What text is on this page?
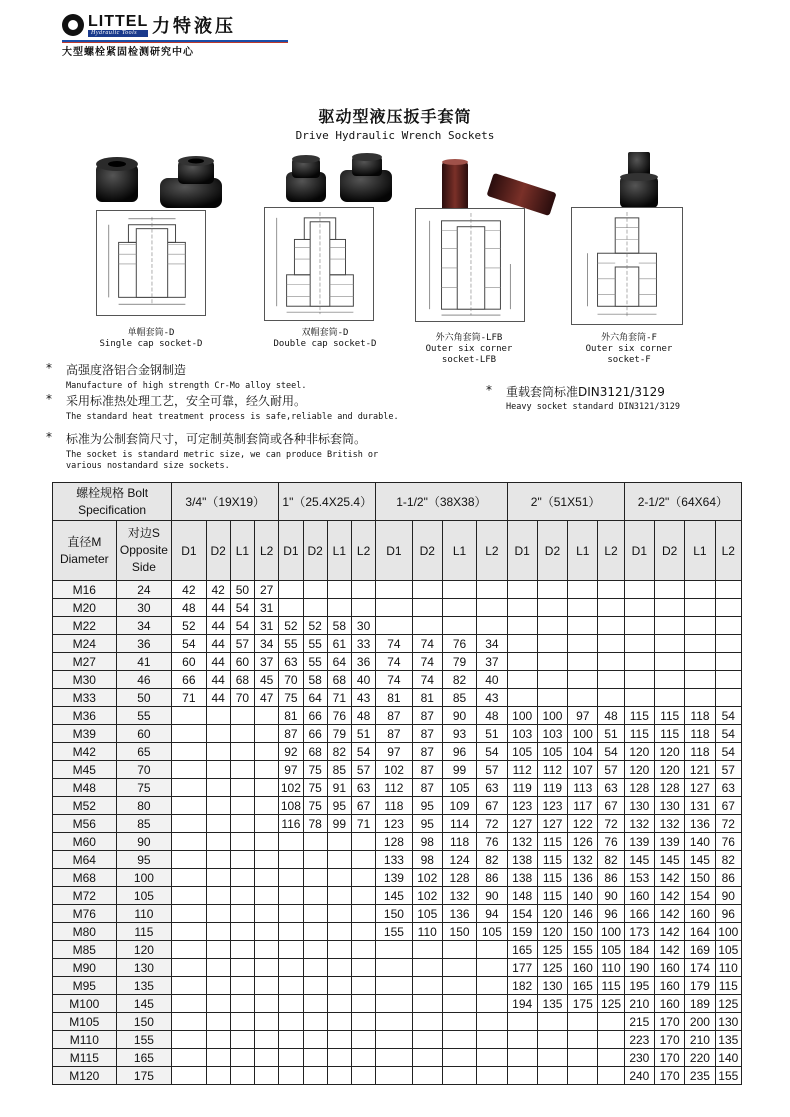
LITTEL
Hydraulic Tools 力特液压
大型螺栓紧固检测研究中心
驱动型液压扳手套筒
Drive Hydraulic Wrench Sockets
单帽套筒-D
Single cap socket-D
双帽套筒-D
Double cap socket-D
外六角套筒-LFB
Outer six corner socket-LFB
外六角套筒-F
Outer six corner socket-F
* 高强度洛铝合金钢制造
Manufacture of high strength Cr-Mo alloy steel.
* 采用标准热处理工艺，安全可靠，经久耐用。
The standard heat treatment process is safe,reliable and durable.
* 标准为公制套筒尺寸，可定制英制套筒或各种非标套筒。
The socket is standard metric size, we can produce British or
various nostandard size sockets.
* 重载套筒标准DIN3121/3129
Heavy socket standard DIN3121/3129
螺栓规格 Bolt Specification		3/4"（19X19）				1"（25.4X25.4）				1-1/2"（38X38）				2"（51X51）				2-1/2"（64X64）			
直径M Diameter	对边S Opposite Side	D1	D2	L1	L2	D1	D2	L1	L2	D1	D2	L1	L2	D1	D2	L1	L2	D1	D2	L1	L2
M16	24	42	42	50	27																
M20	30	48	44	54	31																
M22	34	52	44	54	31	52	52	58	30												
M24	36	54	44	57	34	55	55	61	33	74	74	76	34								
M27	41	60	44	60	37	63	55	64	36	74	74	79	37								
M30	46	66	44	68	45	70	58	68	40	74	74	82	40								
M33	50	71	44	70	47	75	64	71	43	81	81	85	43								
M36	55					81	66	76	48	87	87	90	48	100	100	97	48	115	115	118	54
M39	60					87	66	79	51	87	87	93	51	103	103	100	51	115	115	118	54
M42	65					92	68	82	54	97	87	96	54	105	105	104	54	120	120	118	54
M45	70					97	75	85	57	102	87	99	57	112	112	107	57	120	120	121	57
M48	75					102	75	91	63	112	87	105	63	119	119	113	63	128	128	127	63
M52	80					108	75	95	67	118	95	109	67	123	123	117	67	130	130	131	67
M56	85					116	78	99	71	123	95	114	72	127	127	122	72	132	132	136	72
M60	90									128	98	118	76	132	115	126	76	139	139	140	76
M64	95									133	98	124	82	138	115	132	82	145	145	145	82
M68	100									139	102	128	86	138	115	136	86	153	142	150	86
M72	105									145	102	132	90	148	115	140	90	160	142	154	90
M76	110									150	105	136	94	154	120	146	96	166	142	160	96
M80	115									155	110	150	105	159	120	150	100	173	142	164	100
M85	120													165	125	155	105	184	142	169	105
M90	130													177	125	160	110	190	160	174	110
M95	135													182	130	165	115	195	160	179	115
M100	145													194	135	175	125	210	160	189	125
M105	150																	215	170	200	130
M110	155																	223	170	210	135
M115	165																	230	170	220	140
M120	175																	240	170	235	155
